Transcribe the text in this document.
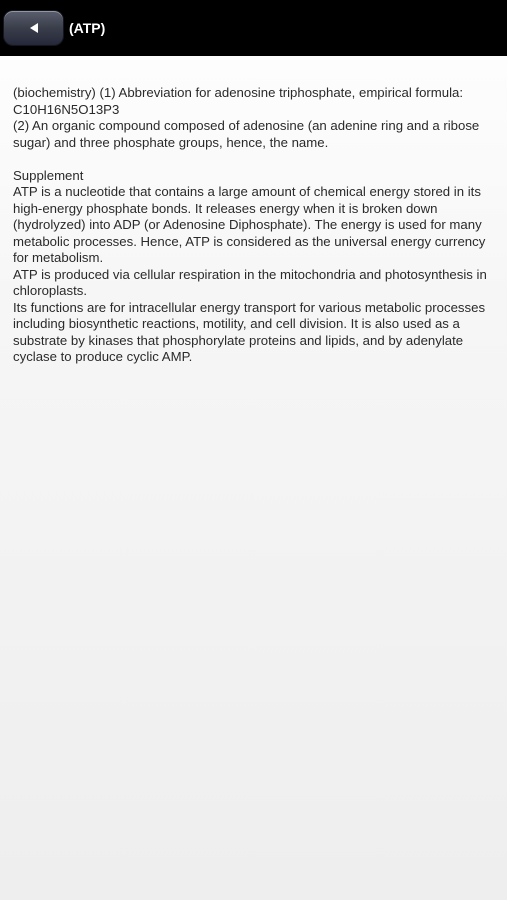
(ATP)

(biochemistry) (1) Abbreviation for adenosine triphosphate, empirical formula: C10H16N5O13P3

(2) An organic compound composed of adenosine (an adenine ring and a ribose sugar) and three phosphate groups, hence, the name.

Supplement

ATP is a nucleotide that contains a large amount of chemical energy stored in its high-energy phosphate bonds. It releases energy when it is broken down (hydrolyzed) into ADP (or Adenosine Diphosphate). The energy is used for many metabolic processes. Hence, ATP is considered as the universal energy currency for metabolism.

ATP is produced via cellular respiration in the mitochondria and photosynthesis in chloroplasts.

Its functions are for intracellular energy transport for various metabolic processes including biosynthetic reactions, motility, and cell division. It is also used as a substrate by kinases that phosphorylate proteins and lipids, and by adenylate cyclase to produce cyclic AMP.
